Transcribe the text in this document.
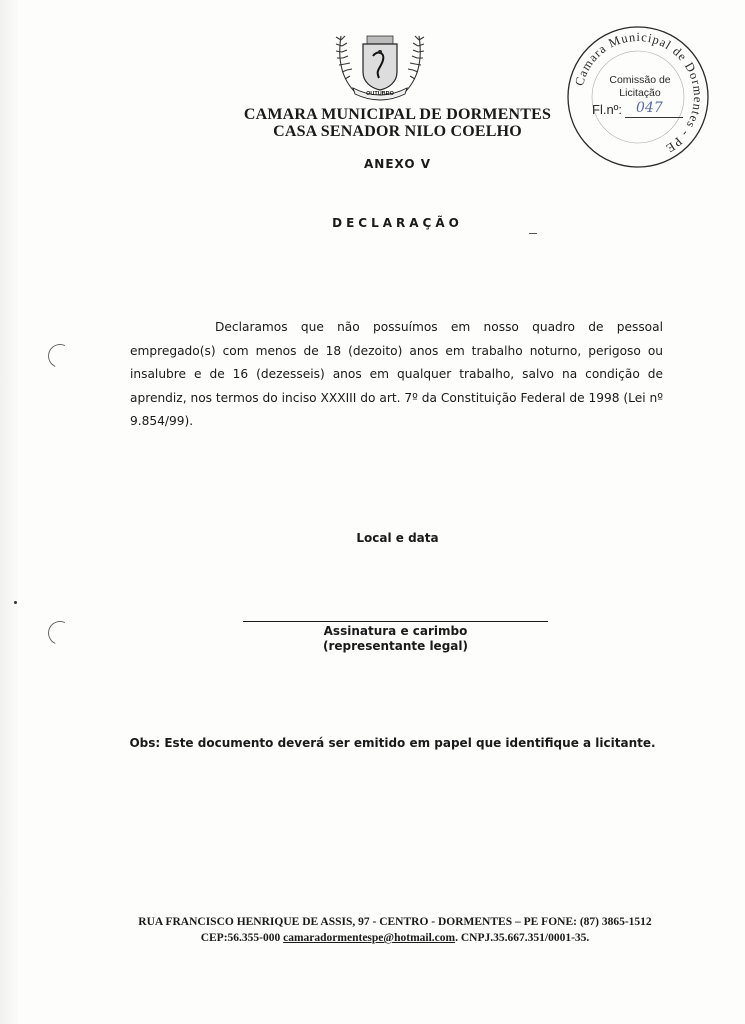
OUTUBRO
CAMARA MUNICIPAL DE DORMENTES
CASA SENADOR NILO COELHO
Camara Municipal de Dormentes - PE
Comissão de
Licitação
Fl.nº: 047
ANEXO V
DECLARAÇÃO
Declaramos que não possuímos em nosso quadro de pessoal empregado(s) com menos de 18 (dezoito) anos em trabalho noturno, perigoso ou insalubre e de 16 (dezesseis) anos em qualquer trabalho, salvo na condição de aprendiz, nos termos do inciso XXXIII do art. 7º da Constituição Federal de 1998 (Lei nº 9.854/99).
Local e data
Assinatura e carimbo
(representante legal)
Obs: Este documento deverá ser emitido em papel que identifique a licitante.
RUA FRANCISCO HENRIQUE DE ASSIS, 97 - CENTRO - DORMENTES – PE FONE: (87) 3865-1512
CEP:56.355-000 camaradormentespe@hotmail.com. CNPJ.35.667.351/0001-35.
